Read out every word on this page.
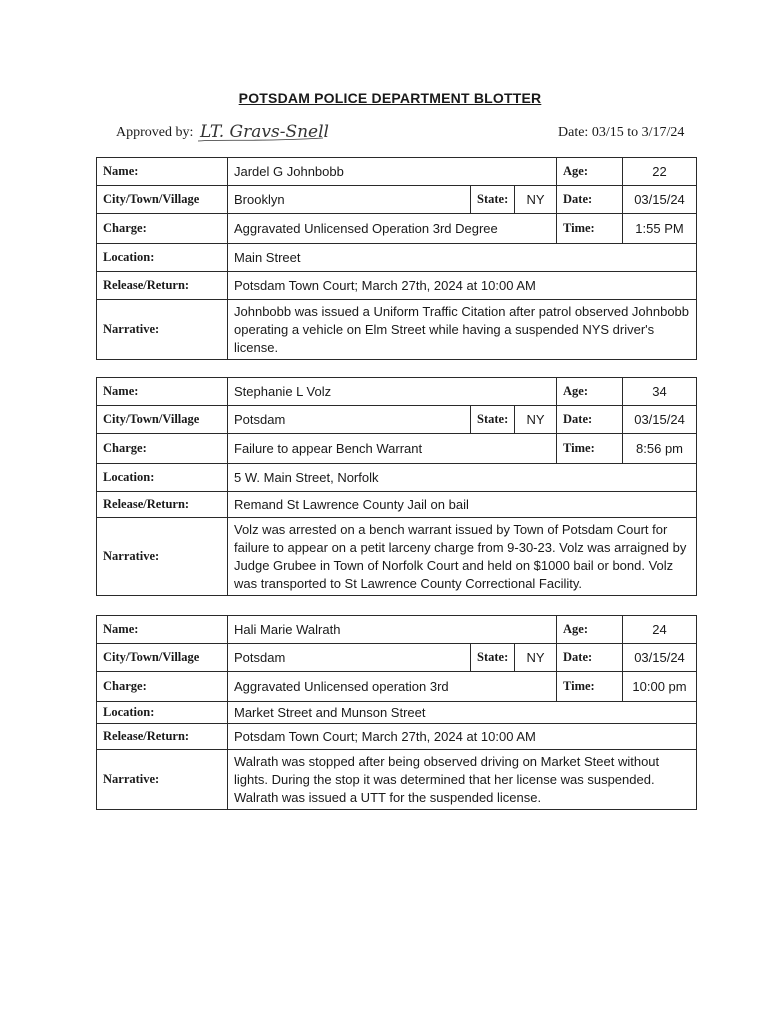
POTSDAM POLICE DEPARTMENT BLOTTER
Approved by: LT. Gravs-Snell	Date: 03/15 to 3/17/24
Name:	Jardel G Johnbobb			Age:	22
City/Town/Village	Brooklyn	State:	NY	Date:	03/15/24
Charge:	Aggravated Unlicensed Operation 3rd Degree			Time:	1:55 PM
Location:	Main Street				
Release/Return:	Potsdam Town Court; March 27th, 2024 at 10:00 AM				
Narrative:	Johnbobb was issued a Uniform Traffic Citation after patrol observed Johnbobb operating a vehicle on Elm Street while having a suspended NYS driver's license.				
Name:	Stephanie L Volz			Age:	34
City/Town/Village	Potsdam	State:	NY	Date:	03/15/24
Charge:	Failure to appear Bench Warrant			Time:	8:56 pm
Location:	5 W. Main Street, Norfolk				
Release/Return:	Remand St Lawrence County Jail on bail				
Narrative:	Volz was arrested on a bench warrant issued by Town of Potsdam Court for failure to appear on a petit larceny charge from 9-30-23. Volz was arraigned by Judge Grubee in Town of Norfolk Court and held on $1000 bail or bond. Volz was transported to St Lawrence County Correctional Facility.				
Name:	Hali Marie Walrath			Age:	24
City/Town/Village	Potsdam	State:	NY	Date:	03/15/24
Charge:	Aggravated Unlicensed operation 3rd			Time:	10:00 pm
Location:	Market Street and Munson Street				
Release/Return:	Potsdam Town Court; March 27th, 2024 at 10:00 AM				
Narrative:	Walrath was stopped after being observed driving on Market Steet without lights. During the stop it was determined that her license was suspended. Walrath was issued a UTT for the suspended license.				
